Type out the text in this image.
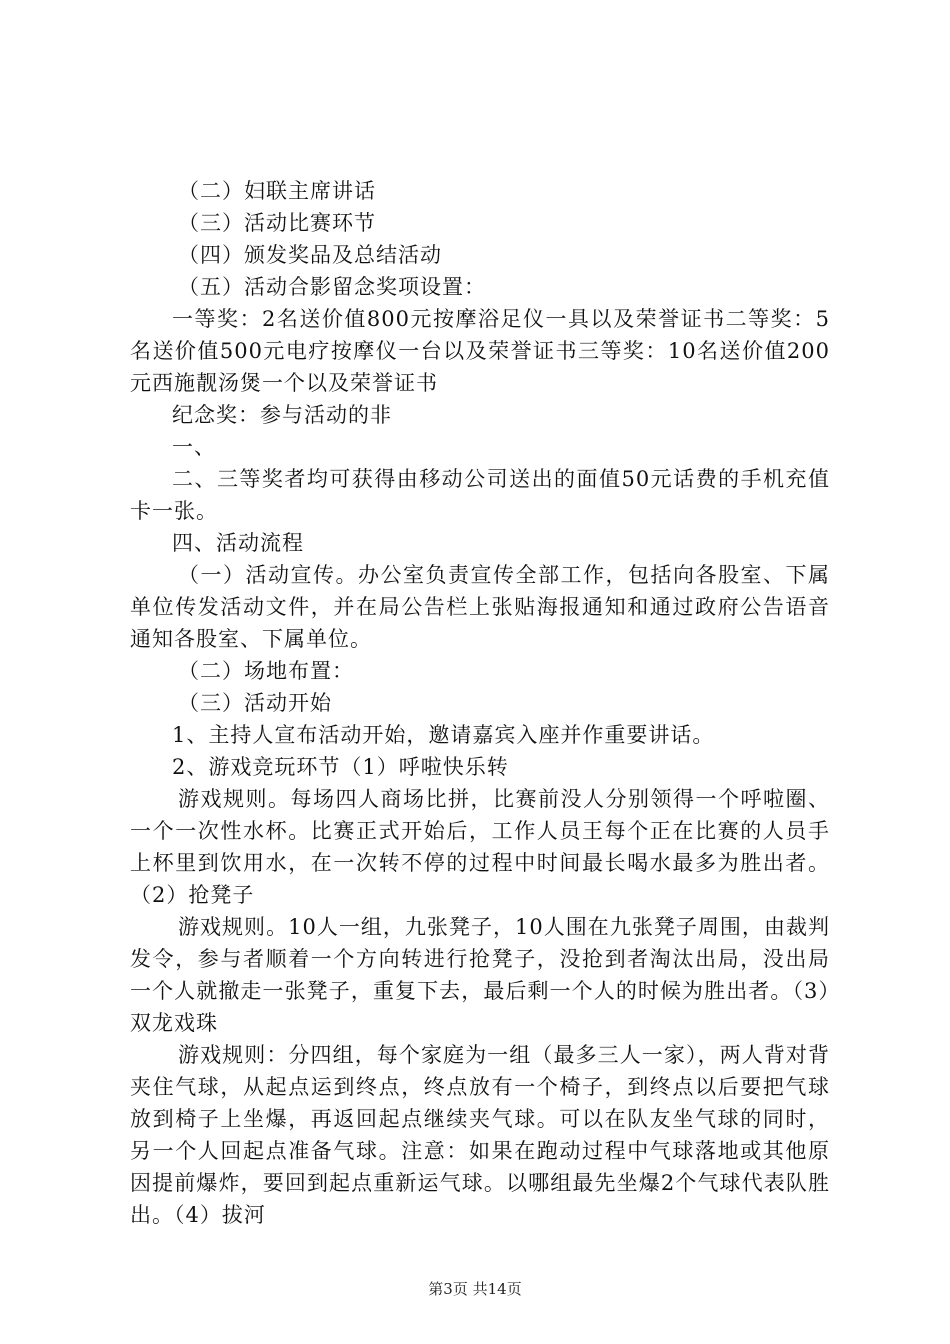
（二）妇联主席讲话

（三）活动比赛环节

（四）颁发奖品及总结活动

（五）活动合影留念奖项设置：

一等奖：2名送价值800元按摩浴足仪一具以及荣誉证书二等奖：5名送价值500元电疗按摩仪一台以及荣誉证书三等奖：10名送价值200元西施靓汤煲一个以及荣誉证书

纪念奖：参与活动的非

一、

二、三等奖者均可获得由移动公司送出的面值50元话费的手机充值卡一张。

四、活动流程

（一）活动宣传。办公室负责宣传全部工作，包括向各股室、下属单位传发活动文件，并在局公告栏上张贴海报通知和通过政府公告语音通知各股室、下属单位。

（二）场地布置：

（三）活动开始

1、主持人宣布活动开始，邀请嘉宾入座并作重要讲话。

2、游戏竞玩环节（1）呼啦快乐转

游戏规则。每场四人商场比拼，比赛前没人分别领得一个呼啦圈、一个一次性水杯。比赛正式开始后，工作人员王每个正在比赛的人员手上杯里到饮用水，在一次转不停的过程中时间最长喝水最多为胜出者。（2）抢凳子

游戏规则。10人一组，九张凳子，10人围在九张凳子周围，由裁判发令，参与者顺着一个方向转进行抢凳子，没抢到者淘汰出局，没出局一个人就撤走一张凳子，重复下去，最后剩一个人的时候为胜出者。（3）双龙戏珠

游戏规则：分四组，每个家庭为一组（最多三人一家），两人背对背夹住气球，从起点运到终点，终点放有一个椅子，到终点以后要把气球放到椅子上坐爆，再返回起点继续夹气球。可以在队友坐气球的同时，另一个人回起点准备气球。注意：如果在跑动过程中气球落地或其他原因提前爆炸，要回到起点重新运气球。以哪组最先坐爆2个气球代表队胜出。（4）拔河

第3页 共14页
